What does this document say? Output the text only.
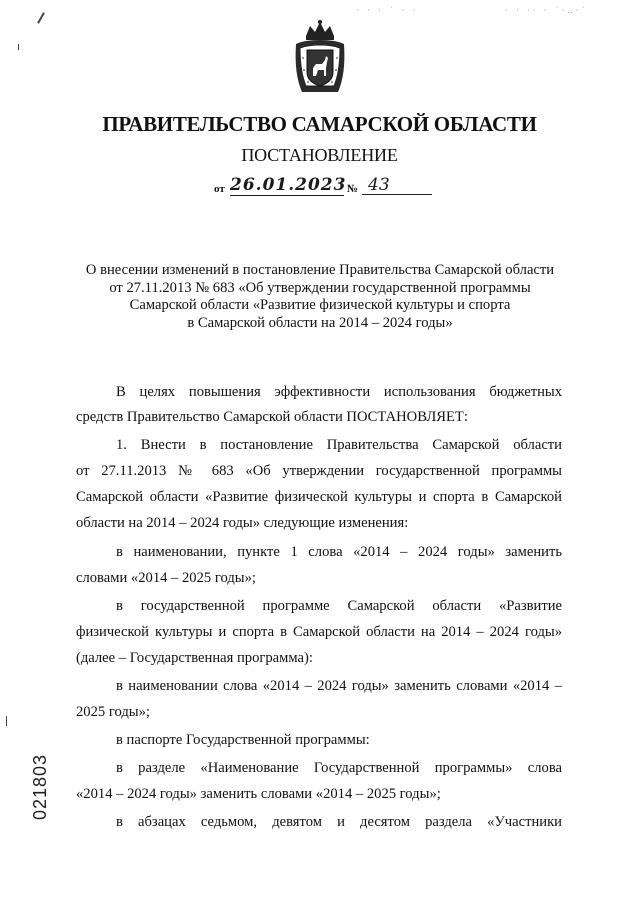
· · · ˙ · ·	· · ·· · ˙·‥·˙
ПРАВИТЕЛЬСТВО САМАРСКОЙ ОБЛАСТИ
ПОСТАНОВЛЕНИЕ
от 26.01.2023 № 43
О внесении изменений в постановление Правительства Самарской области
от 27.11.2013 № 683 «Об утверждении государственной программы
Самарской области «Развитие физической культуры и спорта
в Самарской области на 2014 – 2024 годы»
В целях повышения эффективности использования бюджетных
средств Правительство Самарской области ПОСТАНОВЛЯЕТ:
1. Внести в постановление Правительства Самарской области
от 27.11.2013 № 683 «Об утверждении государственной программы
Самарской области «Развитие физической культуры и спорта в Самарской
области на 2014 – 2024 годы» следующие изменения:
в наименовании, пункте 1 слова «2014 – 2024 годы» заменить
словами «2014 – 2025 годы»;
в государственной программе Самарской области «Развитие
физической культуры и спорта в Самарской области на 2014 – 2024 годы»
(далее – Государственная программа):
в наименовании слова «2014 – 2024 годы» заменить словами «2014 –
2025 годы»;
в паспорте Государственной программы:
в разделе «Наименование Государственной программы» слова
«2014 – 2024 годы» заменить словами «2014 – 2025 годы»;
в абзацах седьмом, девятом и десятом раздела «Участники
021803
